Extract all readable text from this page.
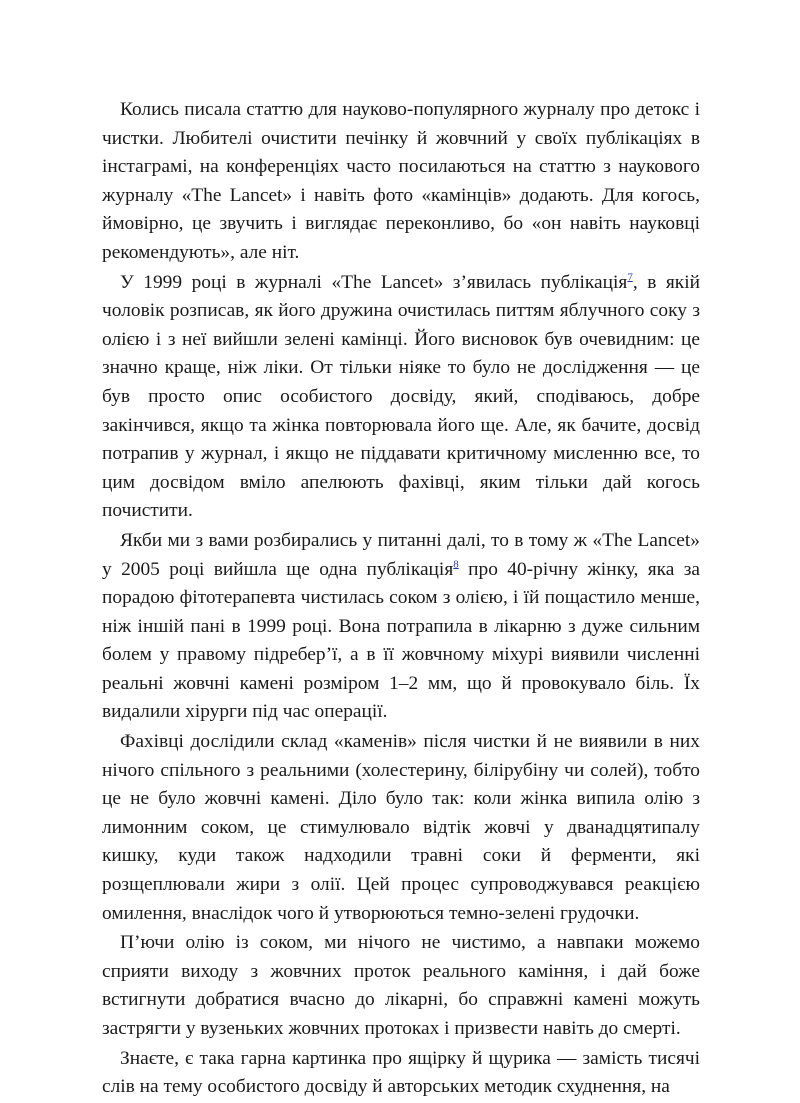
Колись писала статтю для науково-популярного журналу про детокс і чистки. Любителі очистити печінку й жовчний у своїх публікаціях в інстаграмі, на конференціях часто посилаються на статтю з наукового журналу «The Lancet» і навіть фото «камінців» додають. Для когось, ймовірно, це звучить і виглядає переконливо, бо «он навіть науковці рекомендують», але ніт.

У 1999 році в журналі «The Lancet» з’явилась публікація$^7$, в якій чоловік розписав, як його дружина очистилась питтям яблучного соку з олією і з неї вийшли зелені камінці. Його висновок був очевидним: це значно краще, ніж ліки. От тільки ніяке то було не дослідження — це був просто опис особистого досвіду, який, сподіваюсь, добре закінчився, якщо та жінка повторювала його ще. Але, як бачите, досвід потрапив у журнал, і якщо не піддавати критичному мисленню все, то цим досвідом вміло апелюють фахівці, яким тільки дай когось почистити.

Якби ми з вами розбирались у питанні далі, то в тому ж «The Lancet» у 2005 році вийшла ще одна публікація$^8$ про 40-річну жінку, яка за порадою фітотерапевта чистилась соком з олією, і їй пощастило менше, ніж іншій пані в 1999 році. Вона потрапила в лікарню з дуже сильним болем у правому підребер’ї, а в її жовчному міхурі виявили численні реальні жовчні камені розміром 1–2 мм, що й провокувало біль. Їх видалили хірурги під час операції.

Фахівці дослідили склад «каменів» після чистки й не виявили в них нічого спільного з реальними (холестерину, білірубіну чи солей), тобто це не було жовчні камені. Діло було так: коли жінка випила олію з лимонним соком, це стимулювало відтік жовчі у дванадцятипалу кишку, куди також надходили травні соки й ферменти, які розщеплювали жири з олії. Цей процес супроводжувався реакцією омилення, внаслідок чого й утворюються темно-зелені грудочки.

П’ючи олію із соком, ми нічого не чистимо, а навпаки можемо сприяти виходу з жовчних проток реального каміння, і дай боже встигнути добратися вчасно до лікарні, бо справжні камені можуть застрягти у вузеньких жовчних протоках і призвести навіть до смерті.

Знаєте, є така гарна картинка про ящірку й щурика — замість тисячі слів на тему особистого досвіду й авторських методик схуднення, на
